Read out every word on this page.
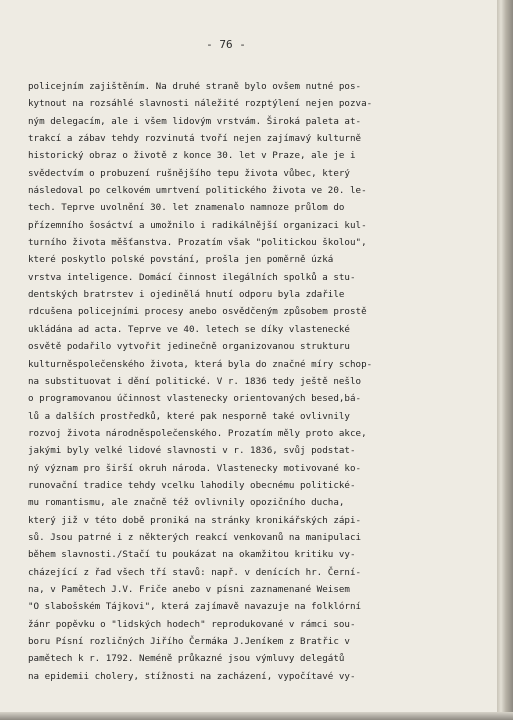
- 76 -
policejním zajištěním. Na druhé straně bylo ovšem nutné pos-
kytnout na rozsáhlé slavnosti náležité rozptýlení nejen pozva-
ným delegacím, ale i všem lidovým vrstvám. Široká paleta at-
trakcí a zábav tehdy rozvinutá tvoří nejen zajímavý kulturně
historický obraz o životě z konce 30. let v Praze, ale je i
svědectvím o probuzení rušnějšího tepu života vůbec, který
následoval po celkovém umrtvení politického života ve 20. le-
tech. Teprve uvolnění 30. let znamenalo namnoze průlom do
přízemního šosáctví a umožnilo i radikálnější organizaci kul-
turního života měšťanstva. Prozatím však "politickou školou",
které poskytlo polské povstání, prošla jen poměrně úzká
vrstva inteligence. Domácí činnost ilegálních spolků a stu-
dentských bratrstev i ojedinělá hnutí odporu byla zdařile
rdcušena policejními procesy anebo osvědčeným způsobem prostě
ukládána ad acta. Teprve ve 40. letech se díky vlastenecké
osvětě podařilo vytvořit jedinečně organizovanou strukturu
kulturněspolečenského života, která byla do značné míry schop-
na substituovat i dění politické. V r. 1836 tedy ještě nešlo
o programovanou účinnost vlastenecky orientovaných besed,bá-
lů a dalších prostředků, které pak nesporně také ovlivnily
rozvoj života národněspolečenského. Prozatím měly proto akce,
jakými byly velké lidové slavnosti v r. 1836, svůj podstat-
ný význam pro širší okruh národa. Vlastenecky motivované ko-
runovační tradice tehdy vcelku lahodily obecnému politické-
mu romantismu, ale značně též ovlivnily opozičního ducha,
který již v této době proniká na stránky kronikářských zápi-
sů. Jsou patrné i z některých reakcí venkovanů na manipulaci
během slavnosti./Stačí tu poukázat na okamžitou kritiku vy-
cházející z řad všech tří stavů: např. v denících hr. Černí-
na, v Pamětech J.V. Friče anebo v písni zaznamenané Weisem
"O slabošském Tájkovi", která zajímavě navazuje na folklórní
žánr popěvku o "lidských hodech" reprodukované v rámci sou-
boru Písní rozličných Jiřího Čermáka J.Jeníkem z Bratřic v
pamětech k r. 1792. Neméně průkazné jsou výmluvy delegátů
na epidemii cholery, stížnosti na zacházení, vypočítavé vy-
